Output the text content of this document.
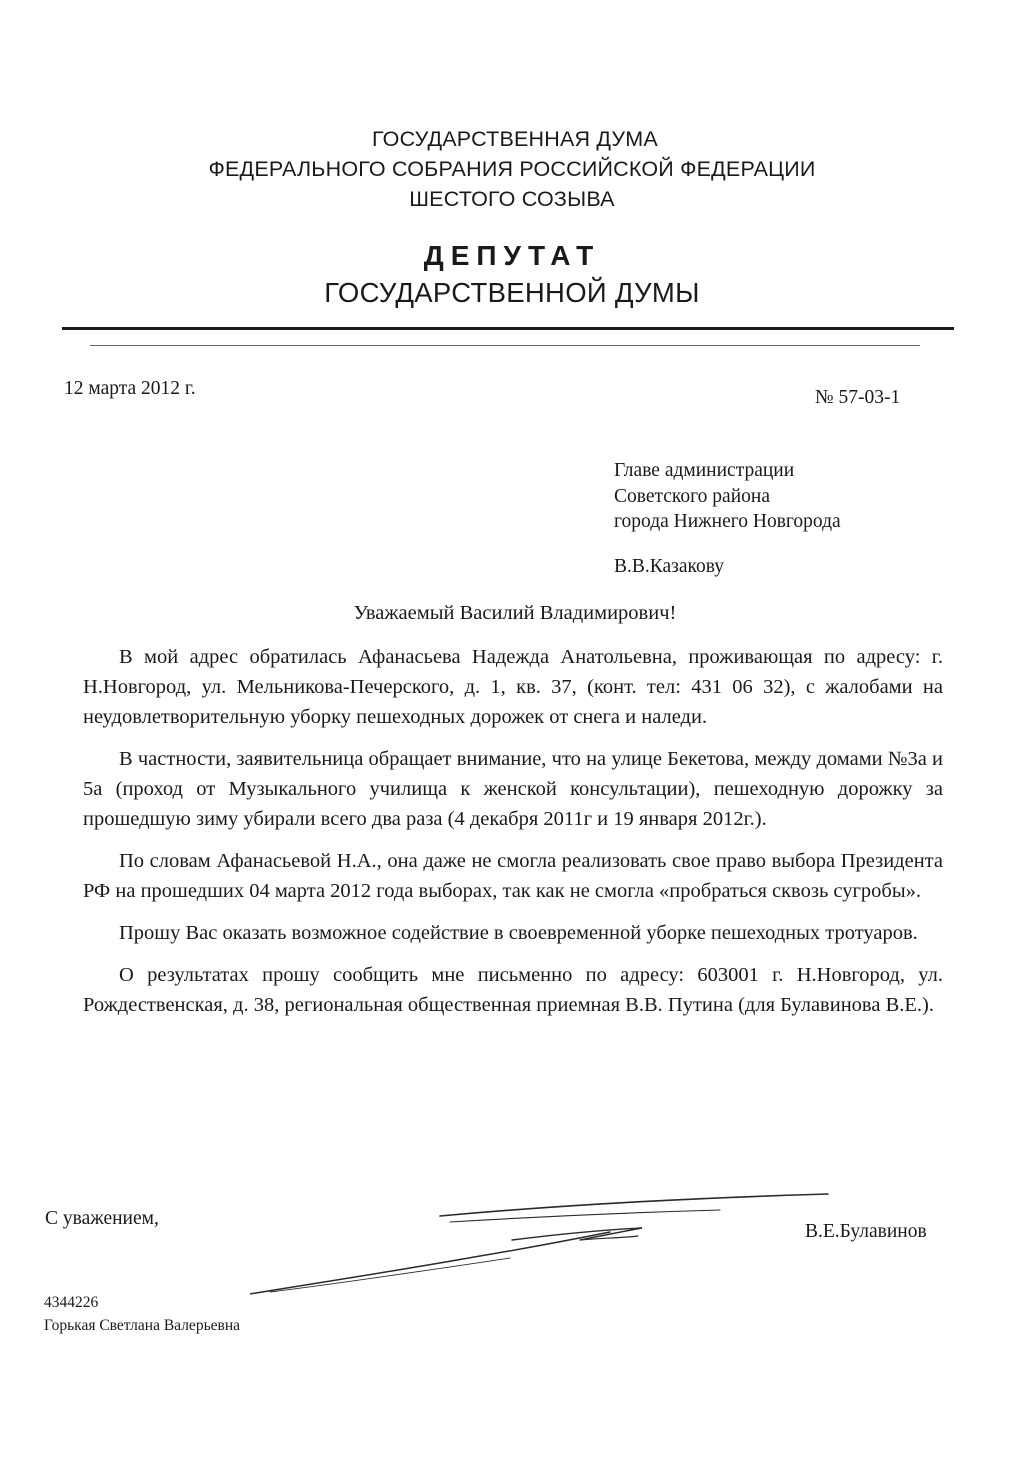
ГОСУДАРСТВЕННАЯ ДУМА
ФЕДЕРАЛЬНОГО СОБРАНИЯ РОССИЙСКОЙ ФЕДЕРАЦИИ
ШЕСТОГО СОЗЫВА
ДЕПУТАТ
ГОСУДАРСТВЕННОЙ ДУМЫ
12 марта 2012 г.	№ 57-03-1
Главе администрации
Советского района
города Нижнего Новгорода
В.В.Казакову
Уважаемый Василий Владимирович!

В мой адрес обратилась Афанасьева Надежда Анатольевна, проживающая по адресу: г. Н.Новгород, ул. Мельникова-Печерского, д. 1, кв. 37, (конт. тел: 431 06 32), с жалобами на неудовлетворительную уборку пешеходных дорожек от снега и наледи.

В частности, заявительница обращает внимание, что на улице Бекетова, между домами №3а и 5а (проход от Музыкального училища к женской консультации), пешеходную дорожку за прошедшую зиму убирали всего два раза (4 декабря 2011г и 19 января 2012г.).

По словам Афанасьевой Н.А., она даже не смогла реализовать свое право выбора Президента РФ на прошедших 04 марта 2012 года выборах, так как не смогла «пробраться сквозь сугробы».

Прошу Вас оказать возможное содействие в своевременной уборке пешеходных тротуаров.

О результатах прошу сообщить мне письменно по адресу: 603001 г. Н.Новгород, ул. Рождественская, д. 38, региональная общественная приемная В.В. Путина (для Булавинова В.Е.).

С уважением,
В.Е.Булавинов
4344226
Горькая Светлана Валерьевна
